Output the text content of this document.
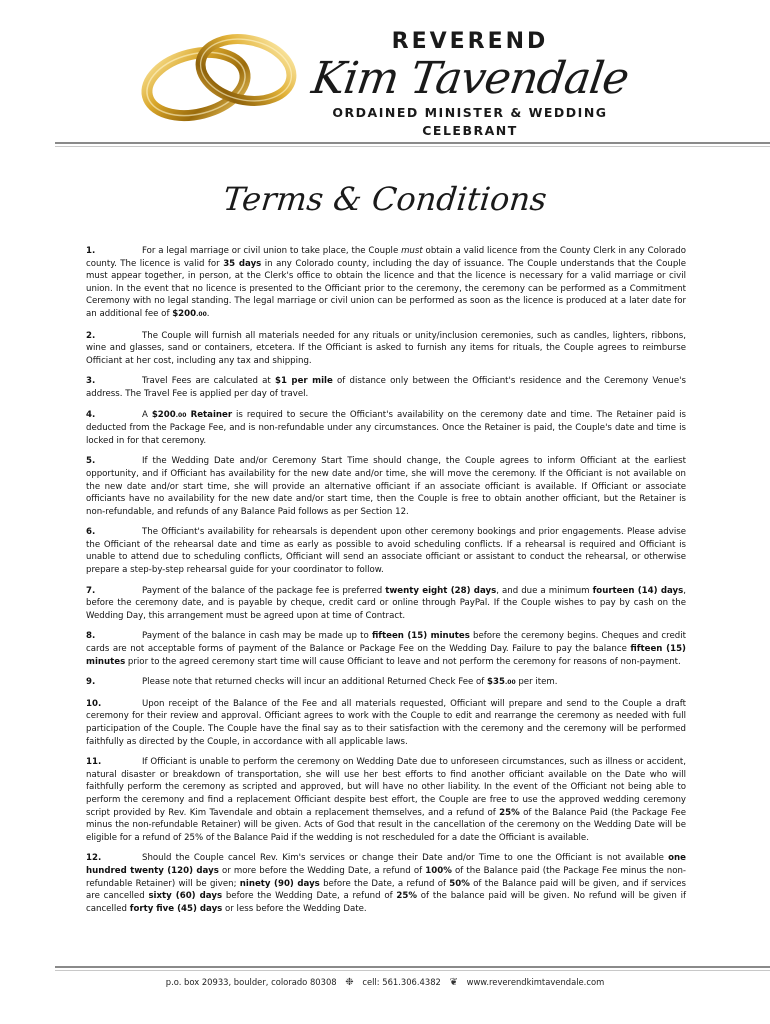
REVEREND
Kim Tavendale
ORDAINED MINISTER & WEDDING CELEBRANT
Terms & Conditions
1.	For a legal marriage or civil union to take place, the Couple must obtain a valid licence from the County Clerk in any Colorado county. The licence is valid for 35 days in any Colorado county, including the day of issuance. The Couple understands that the Couple must appear together, in person, at the Clerk's office to obtain the licence and that the licence is necessary for a valid marriage or civil union. In the event that no licence is presented to the Officiant prior to the ceremony, the ceremony can be performed as a Commitment Ceremony with no legal standing. The legal marriage or civil union can be performed as soon as the licence is produced at a later date for an additional fee of $200.00.
2.	The Couple will furnish all materials needed for any rituals or unity/inclusion ceremonies, such as candles, lighters, ribbons, wine and glasses, sand or containers, etcetera. If the Officiant is asked to furnish any items for rituals, the Couple agrees to reimburse Officiant at her cost, including any tax and shipping.
3.	Travel Fees are calculated at $1 per mile of distance only between the Officiant's residence and the Ceremony Venue's address. The Travel Fee is applied per day of travel.
4.	A $200.00 Retainer is required to secure the Officiant's availability on the ceremony date and time. The Retainer paid is deducted from the Package Fee, and is non-refundable under any circumstances. Once the Retainer is paid, the Couple's date and time is locked in for that ceremony.
5.	If the Wedding Date and/or Ceremony Start Time should change, the Couple agrees to inform Officiant at the earliest opportunity, and if Officiant has availability for the new date and/or time, she will move the ceremony. If the Officiant is not available on the new date and/or start time, she will provide an alternative officiant if an associate officiant is available. If Officiant or associate officiants have no availability for the new date and/or start time, then the Couple is free to obtain another officiant, but the Retainer is non-refundable, and refunds of any Balance Paid follows as per Section 12.
6.	The Officiant's availability for rehearsals is dependent upon other ceremony bookings and prior engagements. Please advise the Officiant of the rehearsal date and time as early as possible to avoid scheduling conflicts. If a rehearsal is required and Officiant is unable to attend due to scheduling conflicts, Officiant will send an associate officiant or assistant to conduct the rehearsal, or otherwise prepare a step-by-step rehearsal guide for your coordinator to follow.
7.	Payment of the balance of the package fee is preferred twenty eight (28) days, and due a minimum fourteen (14) days, before the ceremony date, and is payable by cheque, credit card or online through PayPal. If the Couple wishes to pay by cash on the Wedding Day, this arrangement must be agreed upon at time of Contract.
8.	Payment of the balance in cash may be made up to fifteen (15) minutes before the ceremony begins. Cheques and credit cards are not acceptable forms of payment of the Balance or Package Fee on the Wedding Day. Failure to pay the balance fifteen (15) minutes prior to the agreed ceremony start time will cause Officiant to leave and not perform the ceremony for reasons of non-payment.
9.	Please note that returned checks will incur an additional Returned Check Fee of $35.00 per item.
10.	Upon receipt of the Balance of the Fee and all materials requested, Officiant will prepare and send to the Couple a draft ceremony for their review and approval. Officiant agrees to work with the Couple to edit and rearrange the ceremony as needed with full participation of the Couple. The Couple have the final say as to their satisfaction with the ceremony and the ceremony will be performed faithfully as directed by the Couple, in accordance with all applicable laws.
11.	If Officiant is unable to perform the ceremony on Wedding Date due to unforeseen circumstances, such as illness or accident, natural disaster or breakdown of transportation, she will use her best efforts to find another officiant available on the Date who will faithfully perform the ceremony as scripted and approved, but will have no other liability. In the event of the Officiant not being able to perform the ceremony and find a replacement Officiant despite best effort, the Couple are free to use the approved wedding ceremony script provided by Rev. Kim Tavendale and obtain a replacement themselves, and a refund of 25% of the Balance Paid (the Package Fee minus the non-refundable Retainer) will be given. Acts of God that result in the cancellation of the ceremony on the Wedding Date will be eligible for a refund of 25% of the Balance Paid if the wedding is not rescheduled for a date the Officiant is available.
12.	Should the Couple cancel Rev. Kim's services or change their Date and/or Time to one the Officiant is not available one hundred twenty (120) days or more before the Wedding Date, a refund of 100% of the Balance paid (the Package Fee minus the non-refundable Retainer) will be given; ninety (90) days before the Date, a refund of 50% of the Balance paid will be given, and if services are cancelled sixty (60) days before the Wedding Date, a refund of 25% of the balance paid will be given. No refund will be given if cancelled forty five (45) days or less before the Wedding Date.
p.o. box 20933, boulder, colorado 80308 ❉ cell: 561.306.4382 ❦ www.reverendkimtavendale.com
